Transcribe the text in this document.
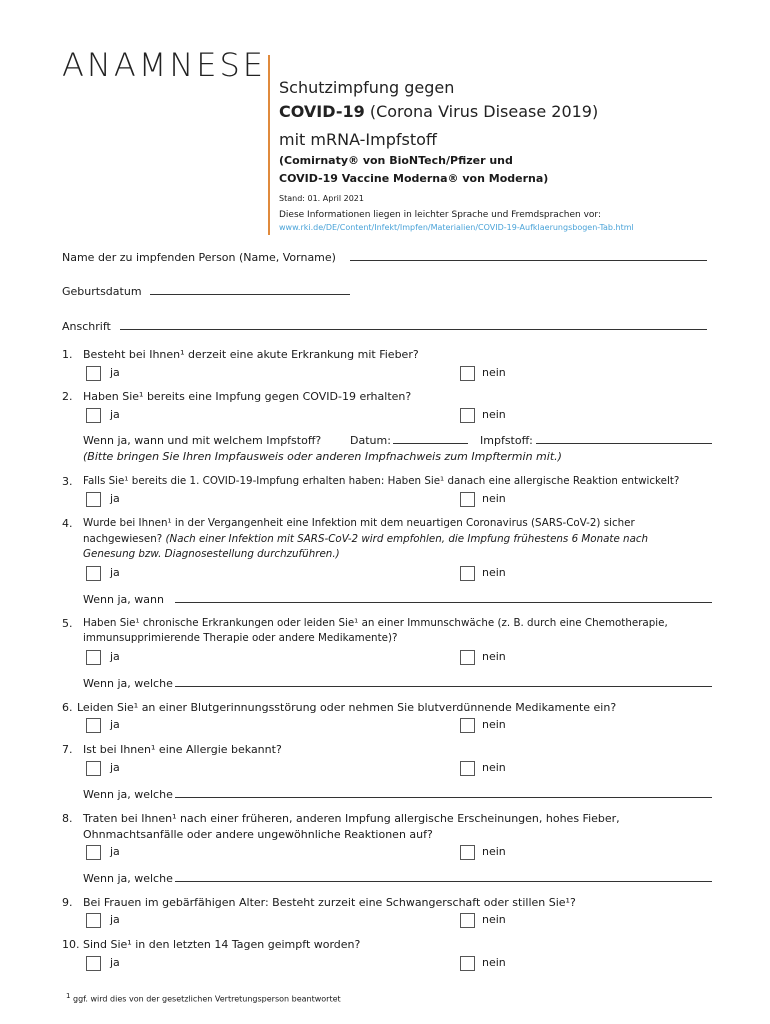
ANAMNESE
Schutzimpfung gegen
COVID-19 (Corona Virus Disease 2019)
mit mRNA-Impfstoff
(Comirnaty® von BioNTech/Pfizer und
COVID-19 Vaccine Moderna® von Moderna)
Stand: 01. April 2021
Diese Informationen liegen in leichter Sprache und Fremdsprachen vor:
www.rki.de/DE/Content/Infekt/Impfen/Materialien/COVID-19-Aufklaerungsbogen-Tab.html
Name der zu impfenden Person (Name, Vorname)
Geburtsdatum
Anschrift
1. Besteht bei Ihnen¹ derzeit eine akute Erkrankung mit Fieber?
ja	nein
2. Haben Sie¹ bereits eine Impfung gegen COVID-19 erhalten?
ja	nein
Wenn ja, wann und mit welchem Impfstoff?	Datum:	Impfstoff:
(Bitte bringen Sie Ihren Impfausweis oder anderen Impfnachweis zum Impftermin mit.)
3. Falls Sie¹ bereits die 1. COVID-19-Impfung erhalten haben: Haben Sie¹ danach eine allergische Reaktion entwickelt?
ja	nein
4. Wurde bei Ihnen¹ in der Vergangenheit eine Infektion mit dem neuartigen Coronavirus (SARS-CoV-2) sicher
nachgewiesen? (Nach einer Infektion mit SARS-CoV-2 wird empfohlen, die Impfung frühestens 6 Monate nach
Genesung bzw. Diagnosestellung durchzuführen.)
ja	nein
Wenn ja, wann
5. Haben Sie¹ chronische Erkrankungen oder leiden Sie¹ an einer Immunschwäche (z. B. durch eine Chemotherapie,
immunsupprimierende Therapie oder andere Medikamente)?
ja	nein
Wenn ja, welche
6. Leiden Sie¹ an einer Blutgerinnungsstörung oder nehmen Sie blutverdünnende Medikamente ein?
ja	nein
7. Ist bei Ihnen¹ eine Allergie bekannt?
ja	nein
Wenn ja, welche
8. Traten bei Ihnen¹ nach einer früheren, anderen Impfung allergische Erscheinungen, hohes Fieber,
Ohnmachtsanfälle oder andere ungewöhnliche Reaktionen auf?
ja	nein
Wenn ja, welche
9. Bei Frauen im gebärfähigen Alter: Besteht zurzeit eine Schwangerschaft oder stillen Sie¹?
ja	nein
10. Sind Sie¹ in den letzten 14 Tagen geimpft worden?
ja	nein
$^1$ ggf. wird dies von der gesetzlichen Vertretungsperson beantwortet
